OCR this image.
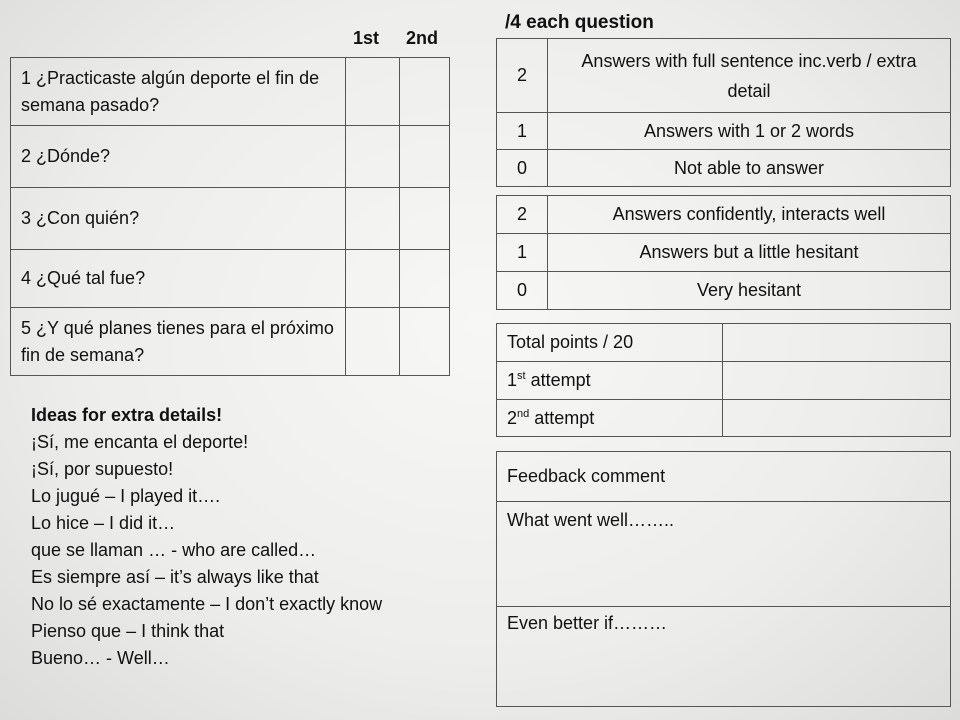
1st 2nd
1 ¿Practicaste algún deporte el fin de semana pasado?		
2 ¿Dónde?		
3 ¿Con quién?		
4 ¿Qué tal fue?		
5 ¿Y qué planes tienes para el próximo fin de semana?		
/4 each question
2	Answers with full sentence inc.verb / extra detail
1	Answers with 1 or 2 words
0	Not able to answer
2	Answers confidently, interacts well
1	Answers but a little hesitant
0	Very hesitant
Total points / 20	
1st attempt	
2nd attempt	
Feedback comment
What went well……..
Even better if………
Ideas for extra details!
¡Sí, me encanta el deporte!
¡Sí, por supuesto!
Lo jugué – I played it….
Lo hice – I did it…
que se llaman … - who are called…
Es siempre así – it’s always like that
No lo sé exactamente – I don’t exactly know
Pienso que – I think that
Bueno… - Well…
